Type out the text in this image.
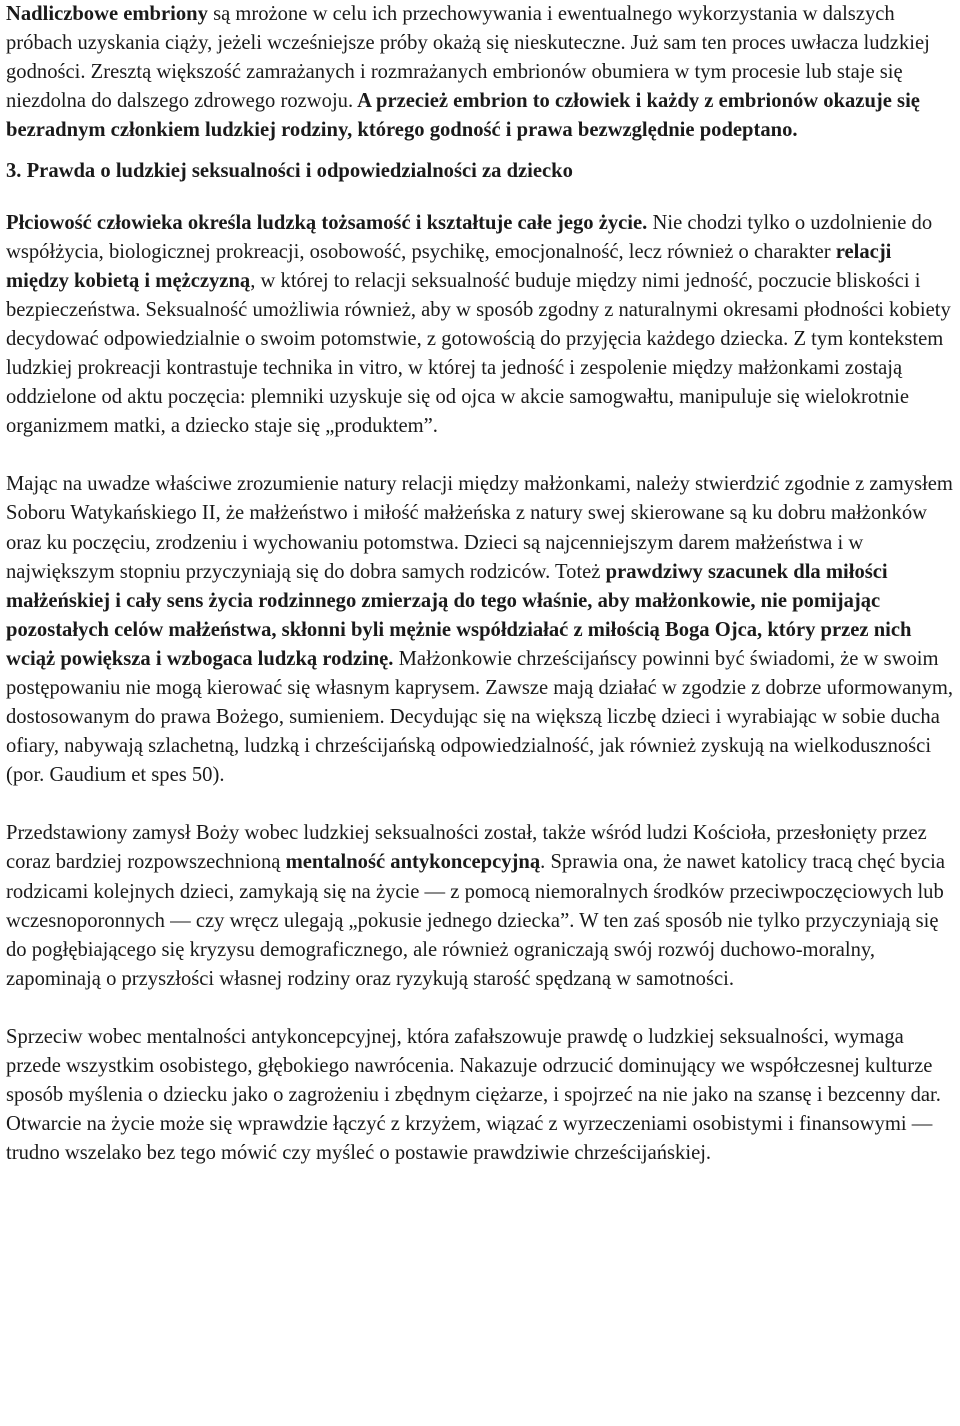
Nadliczbowe embriony są mrożone w celu ich przechowywania i ewentualnego wykorzystania w dalszych próbach uzyskania ciąży, jeżeli wcześniejsze próby okażą się nieskuteczne. Już sam ten proces uwłacza ludzkiej godności. Zresztą większość zamrażanych i rozmrażanych embrionów obumiera w tym procesie lub staje się niezdolna do dalszego zdrowego rozwoju. A przecież embrion to człowiek i każdy z embrionów okazuje się bezradnym członkiem ludzkiej rodziny, którego godność i prawa bezwzględnie podeptano.

3. Prawda o ludzkiej seksualności i odpowiedzialności za dziecko

Płciowość człowieka określa ludzką tożsamość i kształtuje całe jego życie. Nie chodzi tylko o uzdolnienie do współżycia, biologicznej prokreacji, osobowość, psychikę, emocjonalność, lecz również o charakter relacji między kobietą i mężczyzną, w której to relacji seksualność buduje między nimi jedność, poczucie bliskości i bezpieczeństwa. Seksualność umożliwia również, aby w sposób zgodny z naturalnymi okresami płodności kobiety decydować odpowiedzialnie o swoim potomstwie, z gotowością do przyjęcia każdego dziecka. Z tym kontekstem ludzkiej prokreacji kontrastuje technika in vitro, w której ta jedność i zespolenie między małżonkami zostają oddzielone od aktu poczęcia: plemniki uzyskuje się od ojca w akcie samogwałtu, manipuluje się wielokrotnie organizmem matki, a dziecko staje się „produktem”.

Mając na uwadze właściwe zrozumienie natury relacji między małżonkami, należy stwierdzić zgodnie z zamysłem Soboru Watykańskiego II, że małżeństwo i miłość małżeńska z natury swej skierowane są ku dobru małżonków oraz ku poczęciu, zrodzeniu i wychowaniu potomstwa. Dzieci są najcenniejszym darem małżeństwa i w największym stopniu przyczyniają się do dobra samych rodziców. Toteż prawdziwy szacunek dla miłości małżeńskiej i cały sens życia rodzinnego zmierzają do tego właśnie, aby małżonkowie, nie pomijając pozostałych celów małżeństwa, skłonni byli mężnie współdziałać z miłością Boga Ojca, który przez nich wciąż powiększa i wzbogaca ludzką rodzinę. Małżonkowie chrześcijańscy powinni być świadomi, że w swoim postępowaniu nie mogą kierować się własnym kaprysem. Zawsze mają działać w zgodzie z dobrze uformowanym, dostosowanym do prawa Bożego, sumieniem. Decydując się na większą liczbę dzieci i wyrabiając w sobie ducha ofiary, nabywają szlachetną, ludzką i chrześcijańską odpowiedzialność, jak również zyskują na wielkoduszności (por. Gaudium et spes 50).

Przedstawiony zamysł Boży wobec ludzkiej seksualności został, także wśród ludzi Kościoła, przesłonięty przez coraz bardziej rozpowszechnioną mentalność antykoncepcyjną. Sprawia ona, że nawet katolicy tracą chęć bycia rodzicami kolejnych dzieci, zamykają się na życie — z pomocą niemoralnych środków przeciwpoczęciowych lub wczesnoporonnych — czy wręcz ulegają „pokusie jednego dziecka”. W ten zaś sposób nie tylko przyczyniają się do pogłębiającego się kryzysu demograficznego, ale również ograniczają swój rozwój duchowo-moralny, zapominają o przyszłości własnej rodziny oraz ryzykują starość spędzaną w samotności.

Sprzeciw wobec mentalności antykoncepcyjnej, która zafałszowuje prawdę o ludzkiej seksualności, wymaga przede wszystkim osobistego, głębokiego nawrócenia. Nakazuje odrzucić dominujący we współczesnej kulturze sposób myślenia o dziecku jako o zagrożeniu i zbędnym ciężarze, i spojrzeć na nie jako na szansę i bezcenny dar. Otwarcie na życie może się wprawdzie łączyć z krzyżem, wiązać z wyrzeczeniami osobistymi i finansowymi — trudno wszelako bez tego mówić czy myśleć o postawie prawdziwie chrześcijańskiej.
